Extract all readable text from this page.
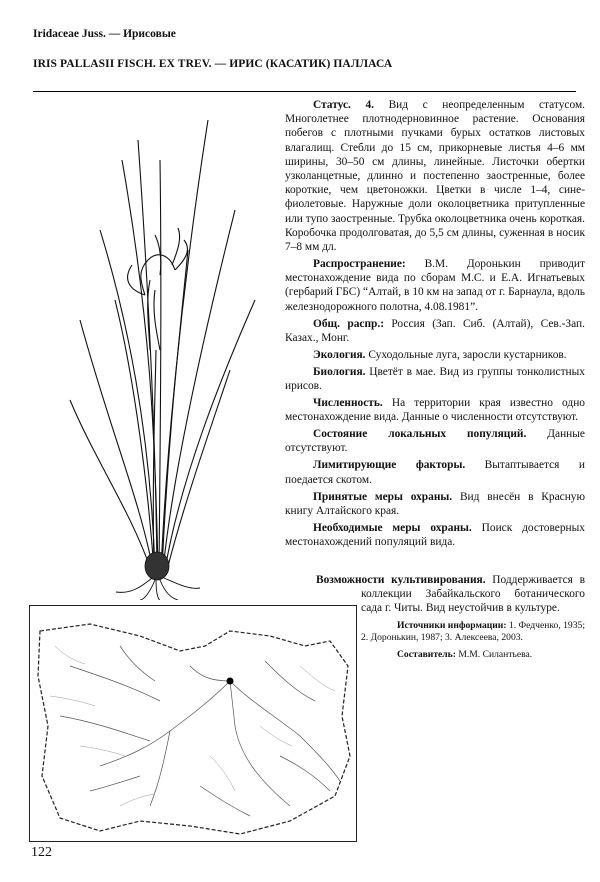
Iridaceae Juss. — Ирисовые
IRIS PALLASII FISCH. EX TREV. — ИРИС (КАСАТИК) ПАЛЛАСА

Статус. 4. Вид с неопределенным статусом. Многолетнее плотнодерновинное растение. Основания побегов с плотными пучками бурых остатков листовых влагалищ. Стебли до 15 см, прикорневые листья 4–6 мм ширины, 30–50 см длины, линейные. Листочки обертки узколанцетные, длинно и постепенно заостренные, более короткие, чем цветоножки. Цветки в числе 1–4, сине-фиолетовые. Наружные доли околоцветника притупленные или тупо заостренные. Трубка околоцветника очень короткая. Коробочка продолговатая, до 5,5 см длины, суженная в носик 7–8 мм дл.

Распространение: В.М. Доронькин приводит местонахождение вида по сборам М.С. и Е.А. Игнатьевых (гербарий ГБС) “Алтай, в 10 км на запад от г. Барнаула, вдоль железнодорожного полотна, 4.08.1981”.

Общ. распр.: Россия (Зап. Сиб. (Алтай), Сев.-Зап. Казах., Монг.

Экология. Суходольные луга, заросли кустарников.

Биология. Цветёт в мае. Вид из группы тонколистных ирисов.

Численность. На территории края известно одно местонахождение вида. Данные о численности отсутствуют.

Состояние локальных популяций. Данные отсутствуют.

Лимитирующие факторы. Вытаптывается и поедается скотом.

Принятые меры охраны. Вид внесён в Красную книгу Алтайского края.

Необходимые меры охраны. Поиск достоверных местонахождений популяций вида.

Возможности культивирования. Поддерживается в коллекции Забайкальского ботанического сада г. Читы. Вид неустойчив в культуре.

Источники информации: 1. Федченко, 1935; 2. Доронькин, 1987; 3. Алексеева, 2003.

Составитель: М.М. Силантьева.

122
